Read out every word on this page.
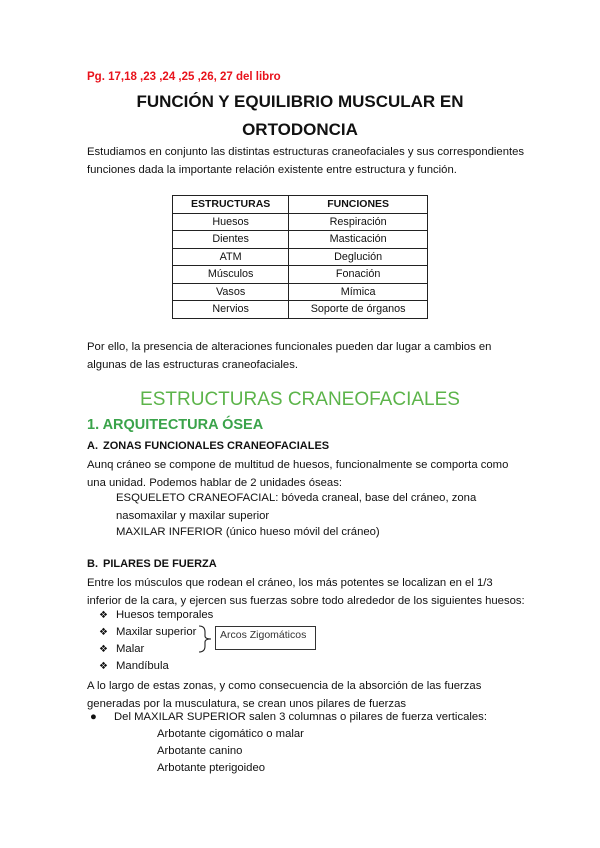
Pg. 17,18 ,23 ,24 ,25 ,26, 27 del libro
FUNCIÓN Y EQUILIBRIO MUSCULAR EN
ORTODONCIA
Estudiamos en conjunto las distintas estructuras craneofaciales y sus correspondientes funciones dada la importante relación existente entre estructura y función.
ESTRUCTURAS	FUNCIONES
Huesos	Respiración
Dientes	Masticación
ATM	Deglución
Músculos	Fonación
Vasos	Mímica
Nervios	Soporte de órganos
Por ello, la presencia de alteraciones funcionales pueden dar lugar a cambios en algunas de las estructuras craneofaciales.
ESTRUCTURAS CRANEOFACIALES
1. ARQUITECTURA ÓSEA
A. ZONAS FUNCIONALES CRANEOFACIALES
Aunq cráneo se compone de multitud de huesos, funcionalmente se comporta como una unidad. Podemos hablar de 2 unidades óseas:
ESQUELETO CRANEOFACIAL: bóveda craneal, base del cráneo, zona nasomaxilar y maxilar superior
MAXILAR INFERIOR (único hueso móvil del cráneo)
B. PILARES DE FUERZA
Entre los músculos que rodean el cráneo, los más potentes se localizan en el 1/3 inferior de la cara, y ejercen sus fuerzas sobre todo alrededor de los siguientes huesos:
❖ Huesos temporales
❖ Maxilar superior
❖ Malar
❖ Mandíbula
Arcos Zigomáticos
A lo largo de estas zonas, y como consecuencia de la absorción de las fuerzas generadas por la musculatura, se crean unos pilares de fuerzas
● Del MAXILAR SUPERIOR salen 3 columnas o pilares de fuerza verticales:
Arbotante cigomático o malar
Arbotante canino
Arbotante pterigoideo
